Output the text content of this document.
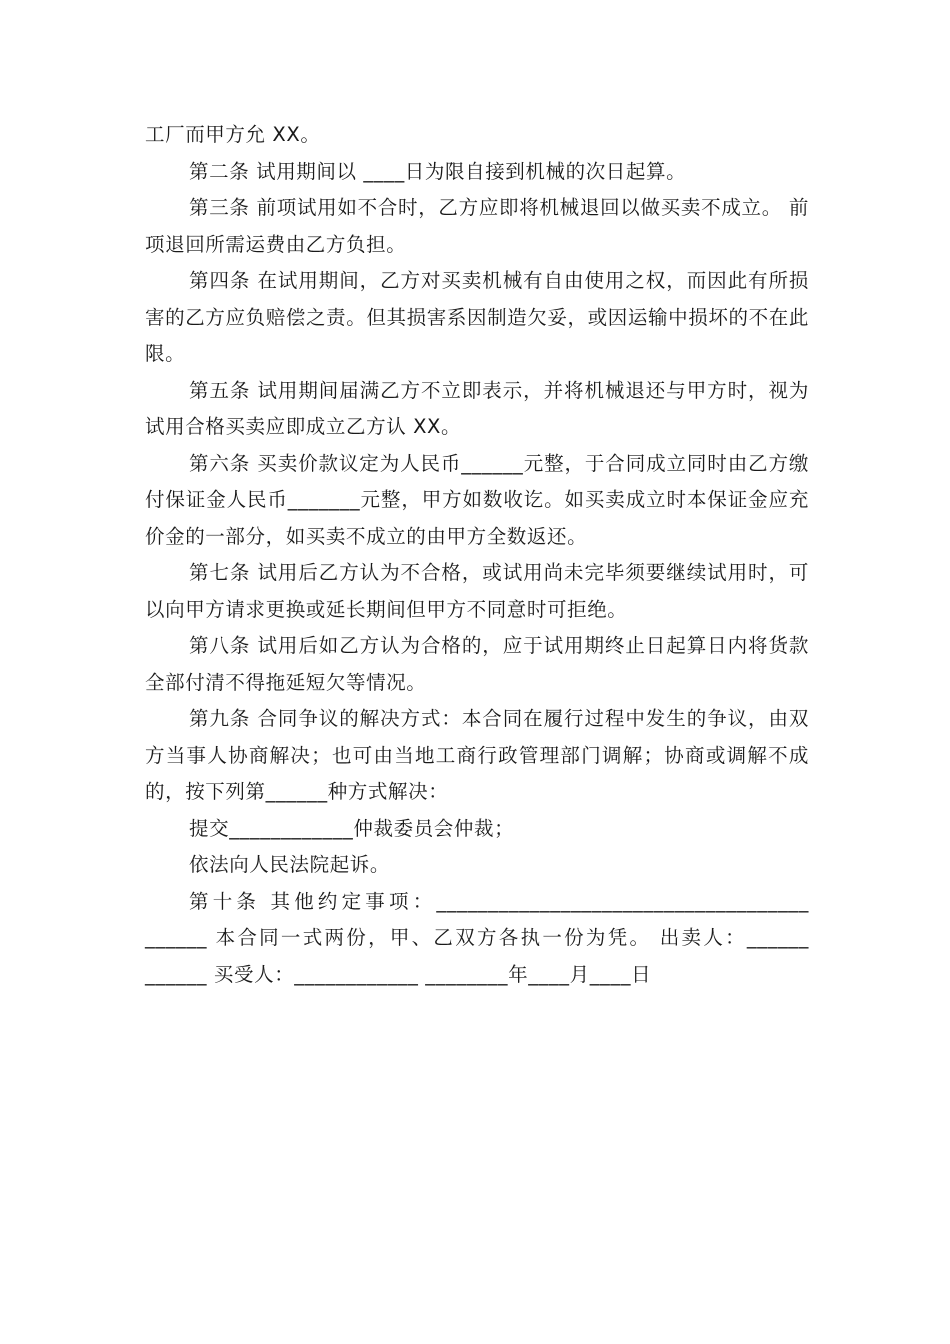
工厂而甲方允 XX。

第二条 试用期间以 ____日为限自接到机械的次日起算。

第三条 前项试用如不合时，乙方应即将机械退回以做买卖不成立。 前项退回所需运费由乙方负担。

第四条 在试用期间，乙方对买卖机械有自由使用之权，而因此有所损害的乙方应负赔偿之责。但其损害系因制造欠妥，或因运输中损坏的不在此限。

第五条 试用期间届满乙方不立即表示，并将机械退还与甲方时，视为试用合格买卖应即成立乙方认 XX。

第六条 买卖价款议定为人民币______元整，于合同成立同时由乙方缴付保证金人民币_______元整，甲方如数收讫。如买卖成立时本保证金应充价金的一部分，如买卖不成立的由甲方全数返还。

第七条 试用后乙方认为不合格，或试用尚未完毕须要继续试用时，可以向甲方请求更换或延长期间但甲方不同意时可拒绝。

第八条 试用后如乙方认为合格的，应于试用期终止日起算日内将货款全部付清不得拖延短欠等情况。

第九条 合同争议的解决方式：本合同在履行过程中发生的争议，由双方当事人协商解决；也可由当地工商行政管理部门调解；协商或调解不成的，按下列第______种方式解决：

提交____________仲裁委员会仲裁；

依法向人民法院起诉。

第十条 其他约定事项：____________________________________ ______ 本合同一式两份，甲、乙双方各执一份为凭。 出卖人：______ ______ 买受人：____________ ________年____月____日
